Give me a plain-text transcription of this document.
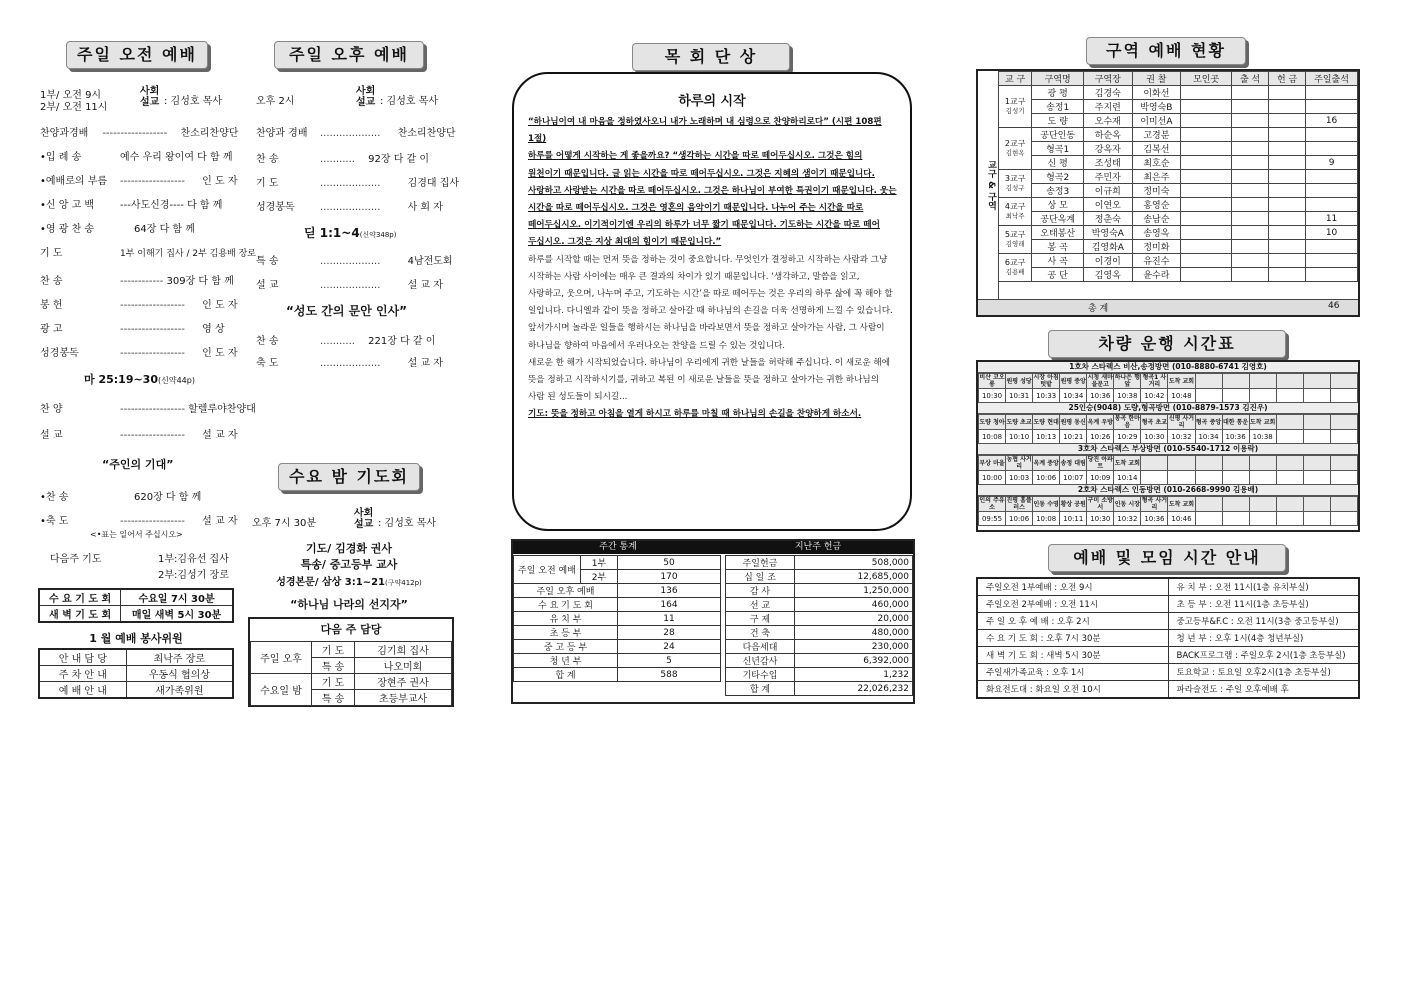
주일 오전 예배
1부/ 오전 9시
2부/ 오전 11시
사회
설교 : 김성호 목사
찬양과경배 ------------------ 찬소리찬양단
•입 례 송	예수 우리 왕이여 다 함 께
•예배로의 부름 ------------------ 인 도 자
•신 앙 고 백	---사도신경---- 다 함 께
•영 광 찬 송	64장 다 함 께
기 도	1부 이해기 집사 / 2부 김용배 장로
찬 송	------------ 309장 다 함 께
봉 헌	------------------ 인 도 자
광 고	------------------ 영 상
성경봉독	------------------ 인 도 자
마 25:19~30(신약44p)
찬 양	------------------ 할렐루야찬양대
설 교	------------------ 설 교 자
“주인의 기대”
•찬 송	620장 다 함 께
•축 도	------------------ 설 교 자
<•표는 일어서 주십시오>
다음주 기도	1부:김유선 집사
2부:김성기 장로
수 요 기 도 회	수요일 7시 30분
새 벽 기 도 회	매일 새벽 5시 30분
1 월 예배 봉사위원
안 내 담 당	최낙주 장로
주 차 안 내	우동식 협의상
예 배 안 내	새가족위원
주일 오후 예배
오후 2시
사회
설교 : 김성호 목사
찬양과 경배 ................... 찬소리찬양단
찬 송	........... 92장 다 같 이
기 도	...................	김경대 집사
성경봉독	...................	사 회 자
딛 1:1~4(신약348p)
특 송	...................	4남전도회
설 교	...................	설 교 자
“성도 간의 문안 인사”
찬 송	........... 221장 다 같 이
축 도	...................	설 교 자
수요 밤 기도회
오후 7시 30분
사회
설교 : 김성호 목사
기도/ 김경화 권사
특송/ 중고등부 교사
성경본문/ 삼상 3:1~21(구약412p)
“하나님 나라의 선지자”
다음 주 담당
주일 오후	기 도	김기희 집사
	특 송	나오미회
수요일 밤	기 도	장현주 권사
	특 송	초등부교사
목 회 단 상
하루의 시작
“하나님이여 내 마음을 정하였사오니 내가 노래하며 내 심령으로 찬양하리로다” (시편 108편 1절)
하루를 어떻게 시작하는 게 좋을까요? “생각하는 시간을 따로 떼어두십시오. 그것은 힘의 원천이기 때문입니다. 글 읽는 시간을 따로 떼어두십시오. 그것은 지혜의 샘이기 때문입니다. 사랑하고 사랑받는 시간을 따로 떼어두십시오. 그것은 하나님이 부여한 특권이기 때문입니다. 웃는 시간을 따로 떼어두십시오. 그것은 영혼의 음악이기 때문입니다. 나누어 주는 시간을 따로 떼어두십시오. 이기적이기엔 우리의 하루가 너무 짧기 때문입니다. 기도하는 시간을 따로 떼어 두십시오. 그것은 지상 최대의 힘이기 때문입니다.”
하루를 시작할 때는 먼저 뜻을 정하는 것이 중요합니다. 무엇인가 결정하고 시작하는 사람과 그냥 시작하는 사람 사이에는 매우 큰 결과의 차이가 있기 때문입니다. ‘생각하고, 말씀을 읽고, 사랑하고, 웃으며, 나누며 주고, 기도하는 시간’을 따로 떼어두는 것은 우리의 하루 삶에 꼭 해야 할 일입니다. 다니엘과 같이 뜻을 정하고 살아갈 때 하나님의 손길을 더욱 선명하게 느낄 수 있습니다. 앞서가시며 놀라운 일들을 행하시는 하나님을 바라보면서 뜻을 정하고 살아가는 사람, 그 사람이 하나님을 향하여 마음에서 우러나오는 찬양을 드릴 수 있는 것입니다.
새로운 한 해가 시작되었습니다. 하나님이 우리에게 귀한 날들을 허락해 주십니다. 이 새로운 해에 뜻을 정하고 시작하시기를, 귀하고 복된 이 새로운 날들을 뜻을 정하고 살아가는 귀한 하나님의 사람 된 성도들이 되시길...
기도: 뜻을 정하고 아침을 열게 하시고 하루를 마칠 때 하나님의 손길을 찬양하게 하소서.
주간 통계	지난주 헌금
주일 오전 예배	1부	50
	2부	170
주일 오후 예배		136
수 요 기 도 회		164
유 치 부		11
초 등 부		28
중 고 등 부		24
청 년 부		5
합 계		588
주일헌금	508,000
십 일 조	12,685,000
감 사	1,250,000
선 교	460,000
구 제	20,000
건 축	480,000
다음세대	230,000
신년감사	6,392,000
기타수입	1,232
합 계	22,026,232
구역 예배 현황
교구 & 구역
교 구	구역명	구역장	권 찰	모인곳	출 석	헌 금	주일출석
1교구
김성기	광 평	김경숙	이화선				
	송정1	주지련	박영숙B				
	도 량	오수재	이미선A				16
2교구
김현옥	공단인동	하순옥	고경분				
	형곡1	강옥자	김복선				
	신 평	조성태	최호순				9
3교구
김성구	형곡2	주민자	최은주				
	송정3	이규희	정미숙				
4교구
최낙주	상 모	이연오	홍영순				
	공단옥계	정춘숙	송남순				11
5교구
김영래	오태봉산	박영숙A	송영옥				10
	봉 곡	김영화A	정미화				
6교구
김용배	사 곡	이경이	유진수				
	공 단	김영옥	윤수라				
총 계	46
차량 운행 시간표
1호차 스타렉스 비산,송정방면 (010-8880-6741 김영호)
비산 코오롱	원평 성당	시장 아침텃밭	원평 중앙	시청 새마을문고	하나은 행 앞	형곡1 사거리	도착 교회						
10:30	10:31	10:33	10:34	10:36	10:38	10:42	10:48						
25인승(9048) 도량,형곡방면 (010-8879-1573 김진우)
도량 청아	도량 초교	도량 현대	원평 동신	옥계 우방	봉곡 한마음	형곡 초교	신평 사거리	형곡 중앙	대한 통운	도착 교회			
10:08	10:10	10:13	10:21	10:26	10:29	10:30	10:32	10:34	10:36	10:38			
3호차 스타렉스 부상방면 (010-5540-1712 이용락)
부상 마을	농협 사거리	옥계 중앙	송정 대림	당진 아파트	도착 교회								
10:00	10:03	10:06	10:07	10:09	10:14								
2호차 스타렉스 인동방면 (010-2668-9990 김용배)
인의 주유소	진평 홈플러스	인동 수영	황상 공원	구미 소방서	인동 시장	형곡 사거리	도착 교회						
09:55	10:06	10:08	10:11	10:30	10:32	10:36	10:46						
예배 및 모임 시간 안내
주일오전 1부예배 : 오전 9시	유 치 부 : 오전 11시(1층 유치부실)
주일오전 2부예배 : 오전 11시	초 등 부 : 오전 11시(1층 초등부실)
주 일 오 후 예 배 : 오후 2시	중고등부&F.C : 오전 11시(3층 중고등부실)
수 요 기 도 회 : 오후 7시 30분	청 년 부 : 오후 1시(4층 청년부실)
새 벽 기 도 회 : 새벽 5시 30분	BACK프로그램 : 주일오후 2시(1층 초등부실)
주일새가족교육 : 오후 1시	토요학교 : 토요일 오후2시(1층 초등부실)
화요전도대 : 화요일 오전 10시	파라슬전도 : 주일 오후예배 후
